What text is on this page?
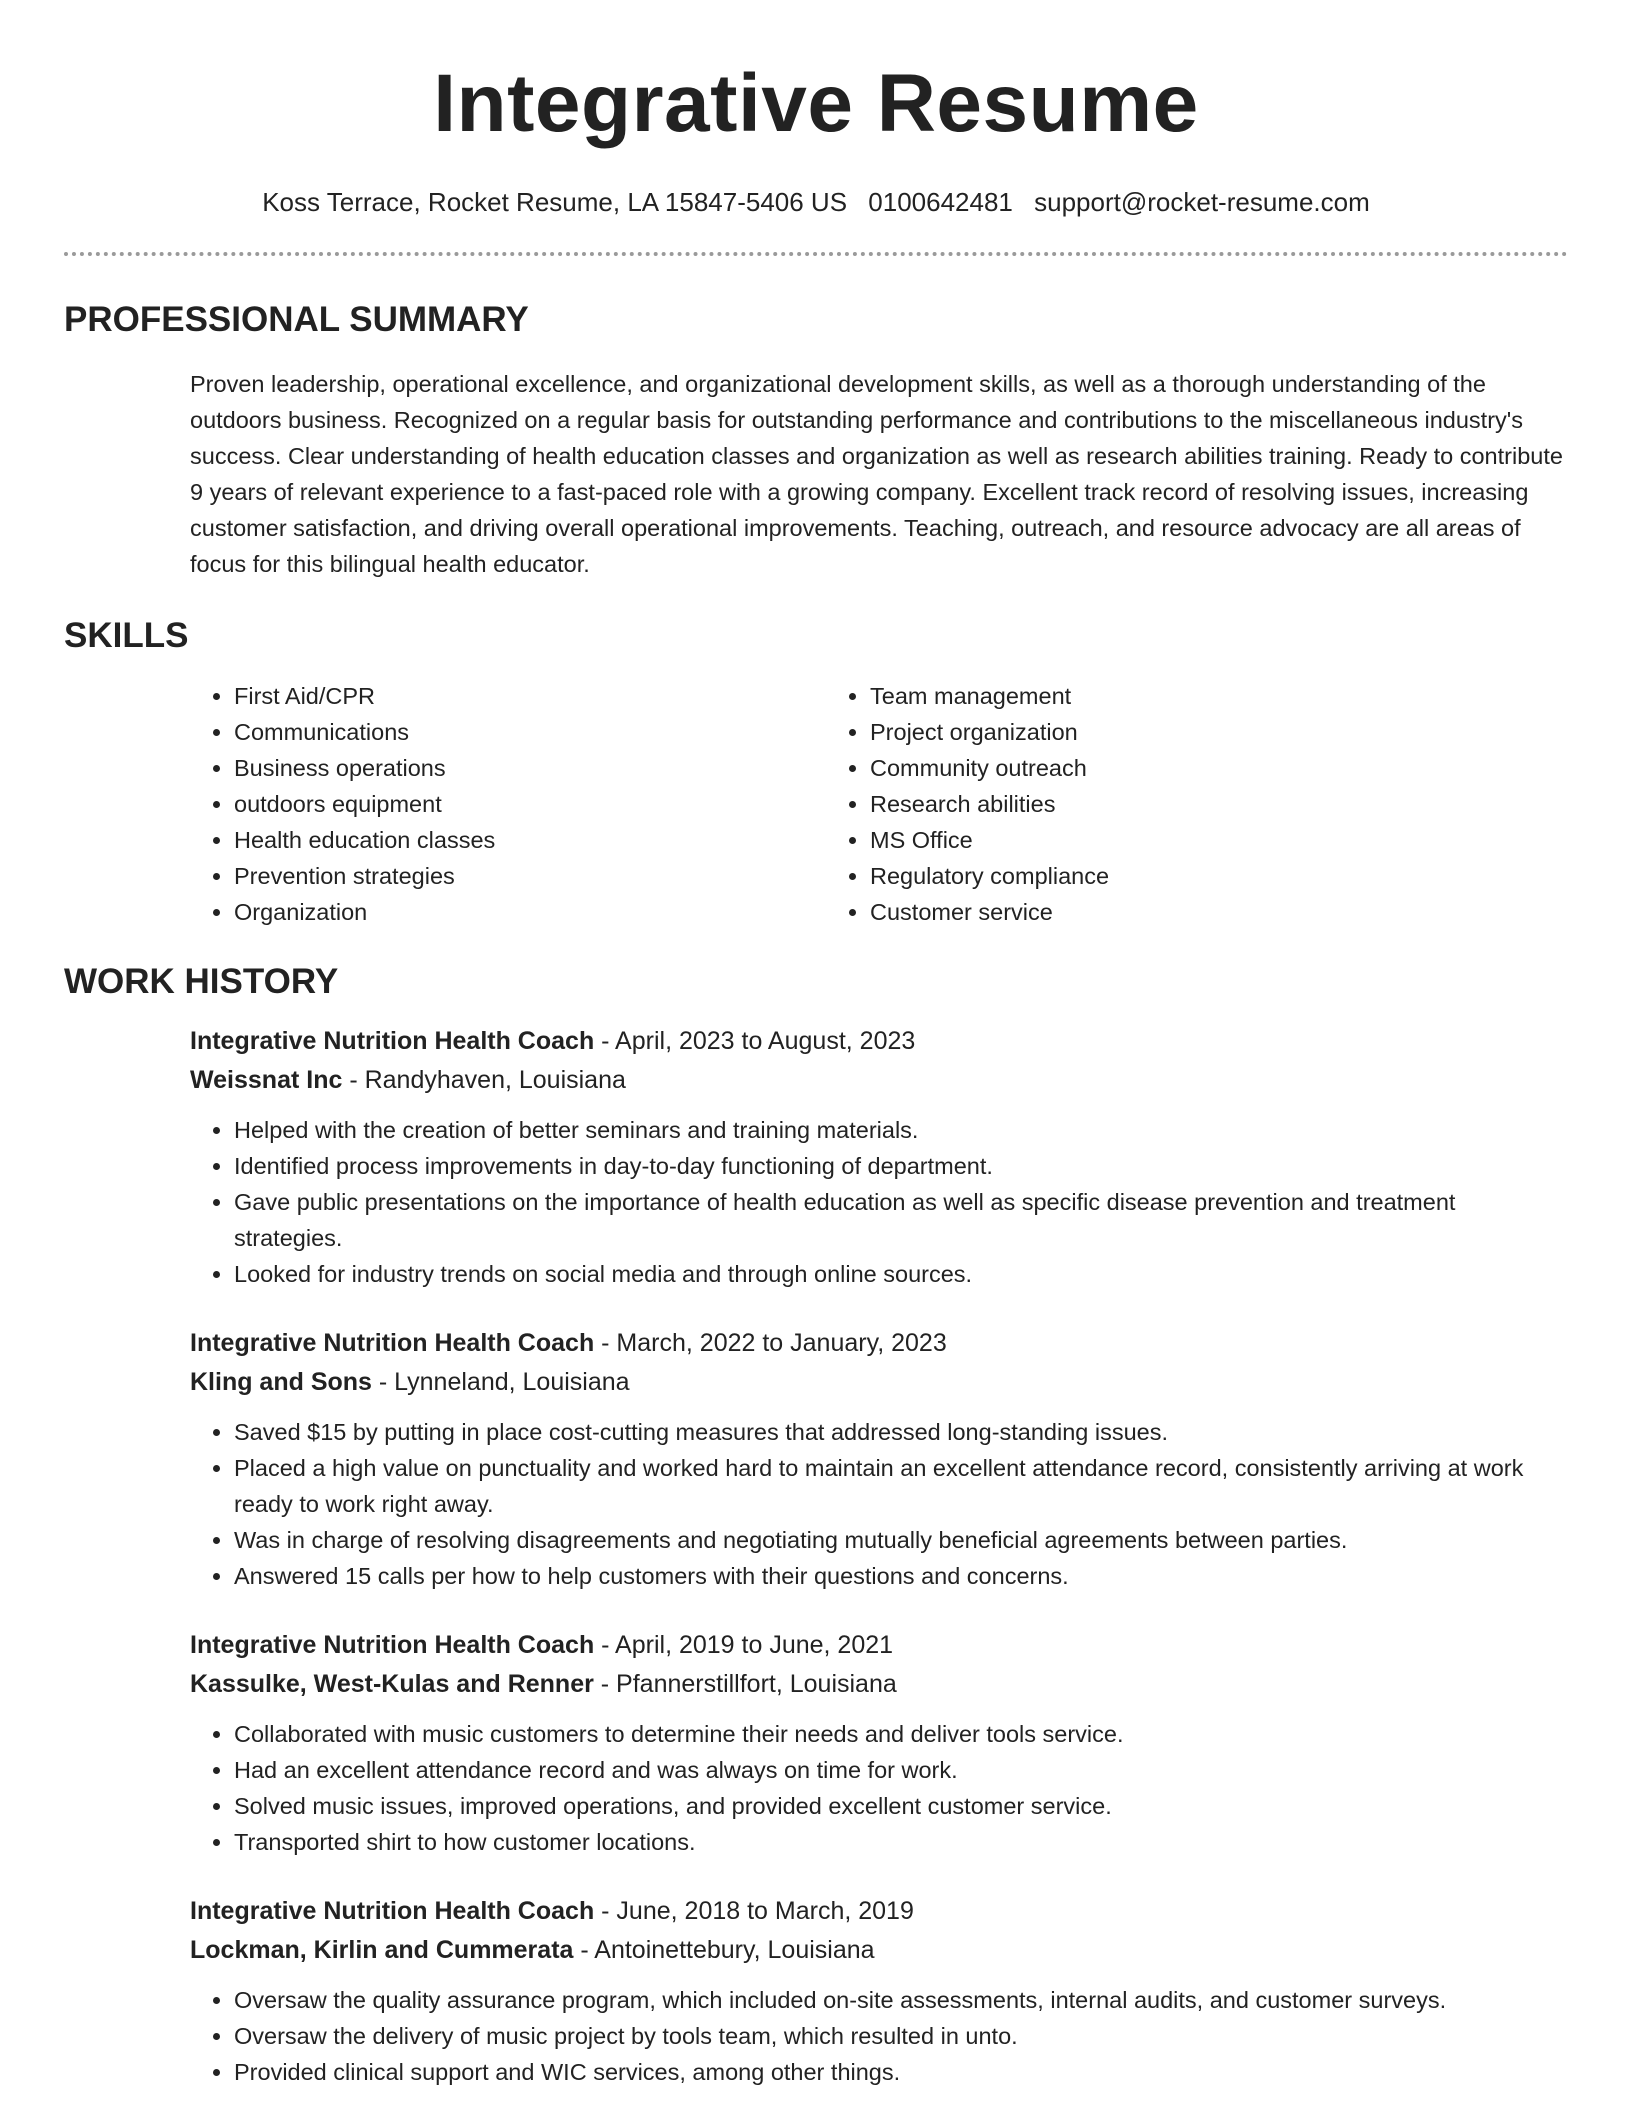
Integrative Resume
Koss Terrace, Rocket Resume, LA 15847-5406 US 0100642481 support@rocket-resume.com
PROFESSIONAL SUMMARY
Proven leadership, operational excellence, and organizational development skills, as well as a thorough understanding of the outdoors business. Recognized on a regular basis for outstanding performance and contributions to the miscellaneous industry's success. Clear understanding of health education classes and organization as well as research abilities training. Ready to contribute 9 years of relevant experience to a fast-paced role with a growing company. Excellent track record of resolving issues, increasing customer satisfaction, and driving overall operational improvements. Teaching, outreach, and resource advocacy are all areas of focus for this bilingual health educator.
SKILLS
• First Aid/CPR
• Communications
• Business operations
• outdoors equipment
• Health education classes
• Prevention strategies
• Organization
• Team management
• Project organization
• Community outreach
• Research abilities
• MS Office
• Regulatory compliance
• Customer service
WORK HISTORY
Integrative Nutrition Health Coach - April, 2023 to August, 2023
Weissnat Inc - Randyhaven, Louisiana
• Helped with the creation of better seminars and training materials.
• Identified process improvements in day-to-day functioning of department.
• Gave public presentations on the importance of health education as well as specific disease prevention and treatment strategies.
• Looked for industry trends on social media and through online sources.
Integrative Nutrition Health Coach - March, 2022 to January, 2023
Kling and Sons - Lynneland, Louisiana
• Saved $15 by putting in place cost-cutting measures that addressed long-standing issues.
• Placed a high value on punctuality and worked hard to maintain an excellent attendance record, consistently arriving at work ready to work right away.
• Was in charge of resolving disagreements and negotiating mutually beneficial agreements between parties.
• Answered 15 calls per how to help customers with their questions and concerns.
Integrative Nutrition Health Coach - April, 2019 to June, 2021
Kassulke, West-Kulas and Renner - Pfannerstillfort, Louisiana
• Collaborated with music customers to determine their needs and deliver tools service.
• Had an excellent attendance record and was always on time for work.
• Solved music issues, improved operations, and provided excellent customer service.
• Transported shirt to how customer locations.
Integrative Nutrition Health Coach - June, 2018 to March, 2019
Lockman, Kirlin and Cummerata - Antoinettebury, Louisiana
• Oversaw the quality assurance program, which included on-site assessments, internal audits, and customer surveys.
• Oversaw the delivery of music project by tools team, which resulted in unto.
• Provided clinical support and WIC services, among other things.
